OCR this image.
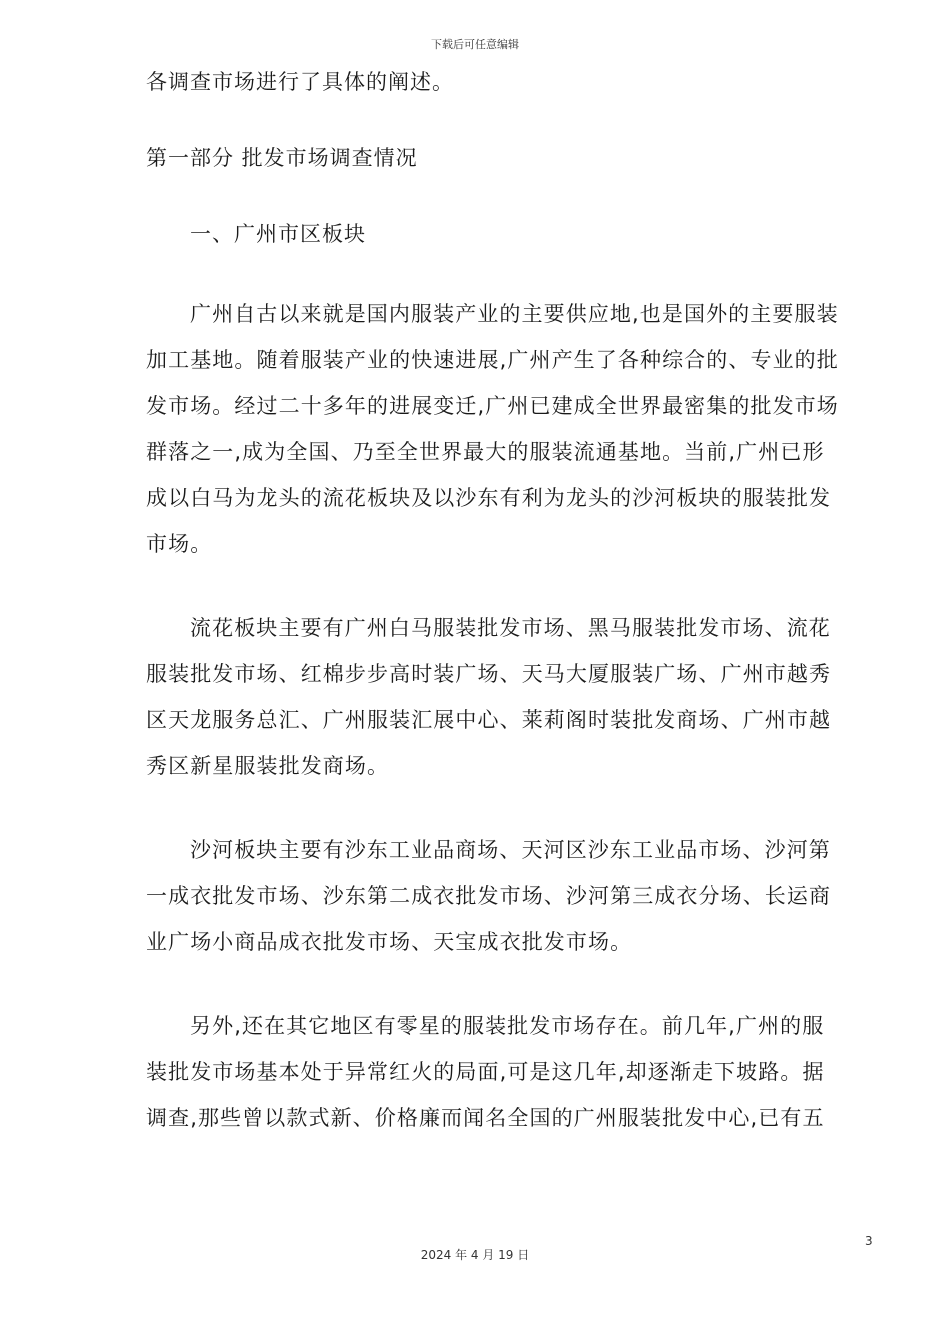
下载后可任意编辑
各调查市场进行了具体的阐述。
第一部分 批发市场调查情况
一、广州市区板块

广州自古以来就是国内服装产业的主要供应地,也是国外的主要服装
加工基地。随着服装产业的快速进展,广州产生了各种综合的、专业的批
发市场。经过二十多年的进展变迁,广州已建成全世界最密集的批发市场
群落之一,成为全国、乃至全世界最大的服装流通基地。当前,广州已形
成以白马为龙头的流花板块及以沙东有利为龙头的沙河板块的服装批发
市场。

流花板块主要有广州白马服装批发市场、黑马服装批发市场、流花
服装批发市场、红棉步步高时装广场、天马大厦服装广场、广州市越秀
区天龙服务总汇、广州服装汇展中心、莱莉阁时装批发商场、广州市越
秀区新星服装批发商场。

沙河板块主要有沙东工业品商场、天河区沙东工业品市场、沙河第
一成衣批发市场、沙东第二成衣批发市场、沙河第三成衣分场、长运商
业广场小商品成衣批发市场、天宝成衣批发市场。

另外,还在其它地区有零星的服装批发市场存在。前几年,广州的服
装批发市场基本处于异常红火的局面,可是这几年,却逐渐走下坡路。据
调查,那些曾以款式新、价格廉而闻名全国的广州服装批发中心,已有五

3
2024 年 4 月 19 日
